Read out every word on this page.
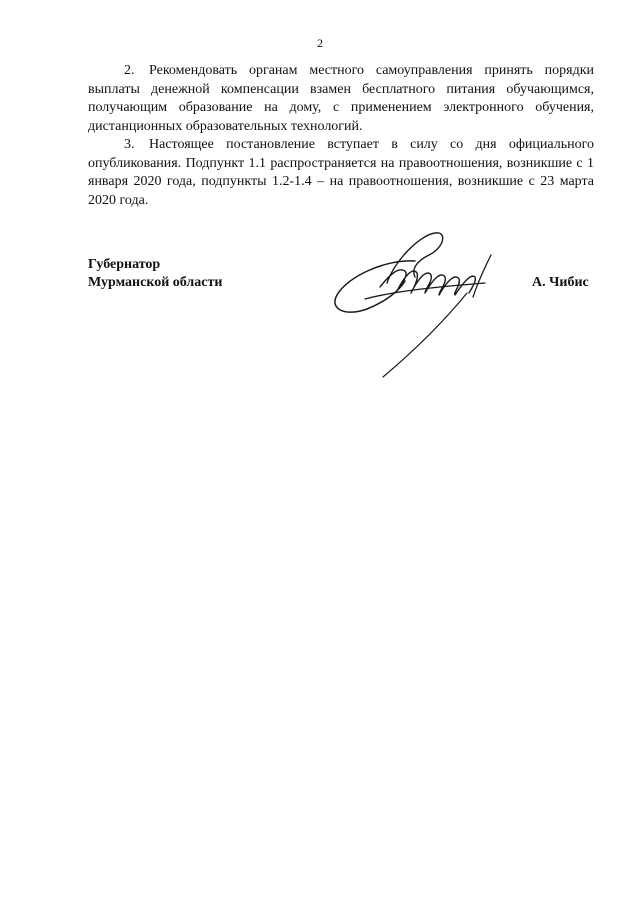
2

2. Рекомендовать органам местного самоуправления принять порядки выплаты денежной компенсации взамен бесплатного питания обучающимся, получающим образование на дому, с применением электронного обучения, дистанционных образовательных технологий.

3. Настоящее постановление вступает в силу со дня официального опубликования. Подпункт 1.1 распространяется на правоотношения, возникшие с 1 января 2020 года, подпункты 1.2-1.4 – на правоотношения, возникшие с 23 марта 2020 года.

Губернатор
Мурманской области	А. Чибис
· ·
